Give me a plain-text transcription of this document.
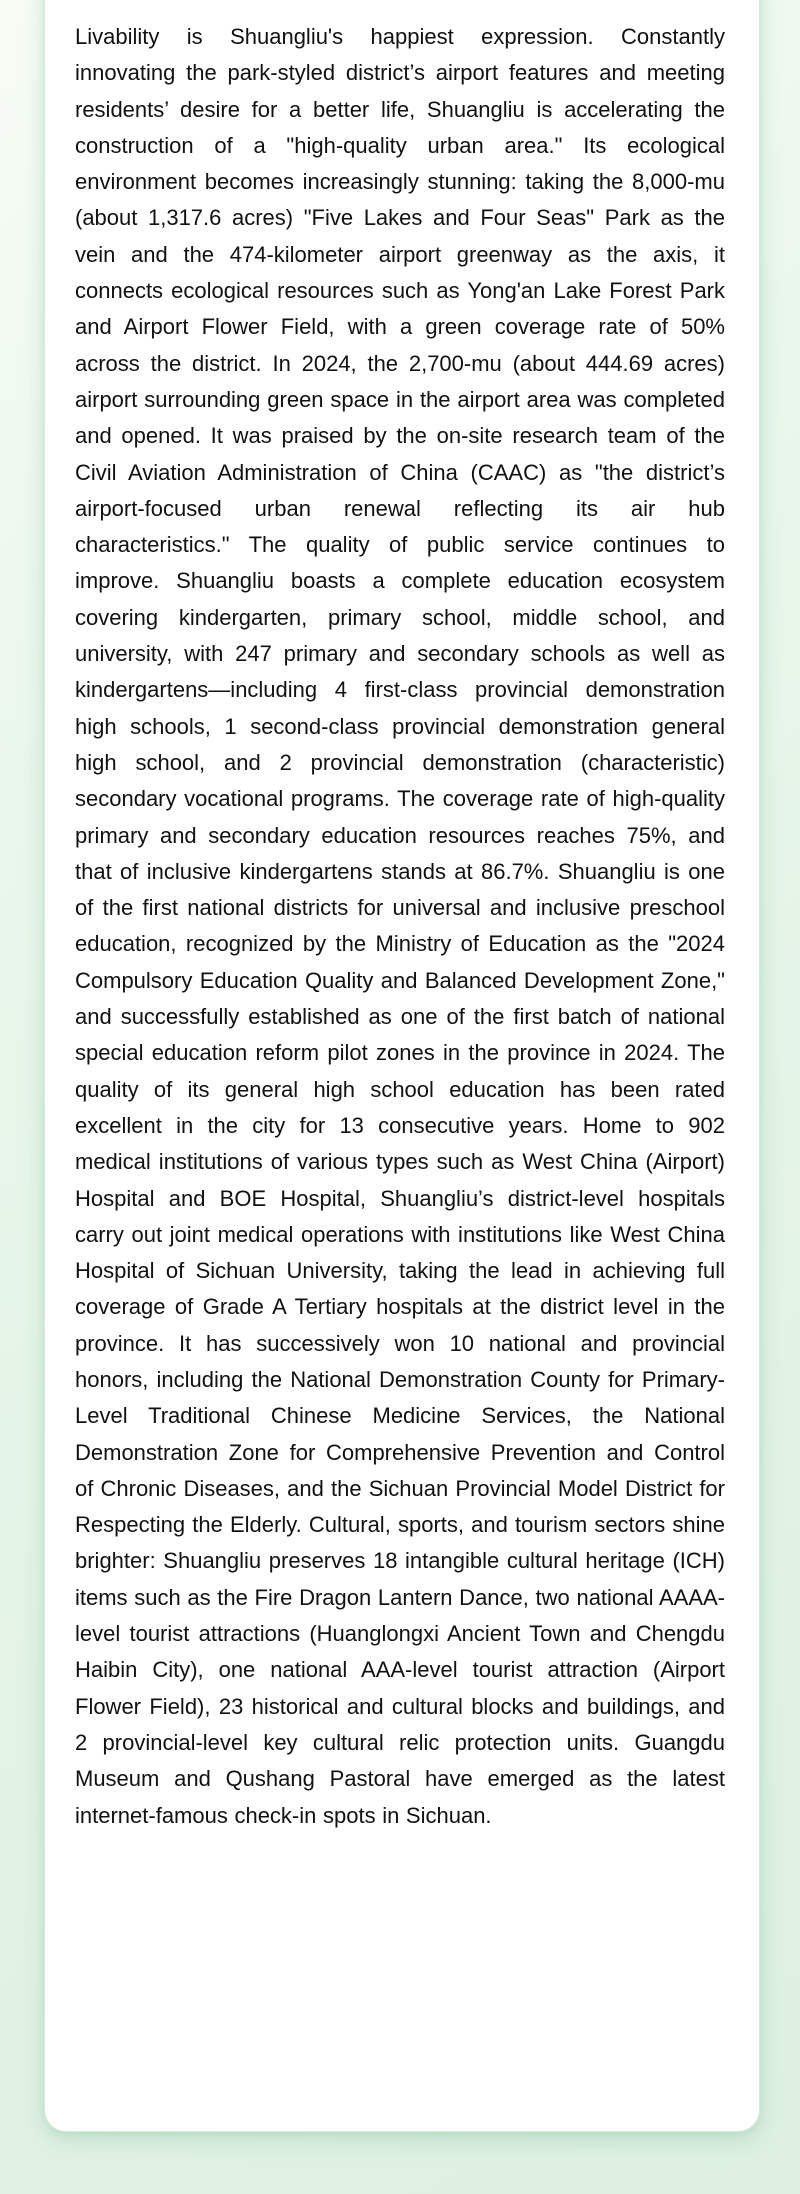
Livability is Shuangliu's happiest expression. Constantly innovating the park-styled district’s airport features and meeting residents’ desire for a better life, Shuangliu is accelerating the construction of a "high-quality urban area." Its ecological environment becomes increasingly stunning: taking the 8,000-mu (about 1,317.6 acres) "Five Lakes and Four Seas" Park as the vein and the 474-kilometer airport greenway as the axis, it connects ecological resources such as Yong'an Lake Forest Park and Airport Flower Field, with a green coverage rate of 50% across the district. In 2024, the 2,700-mu (about 444.69 acres) airport surrounding green space in the airport area was completed and opened. It was praised by the on-site research team of the Civil Aviation Administration of China (CAAC) as "the district’s airport-focused urban renewal reflecting its air hub characteristics." The quality of public service continues to improve. Shuangliu boasts a complete education ecosystem covering kindergarten, primary school, middle school, and university, with 247 primary and secondary schools as well as kindergartens—including 4 first-class provincial demonstration high schools, 1 second-class provincial demonstration general high school, and 2 provincial demonstration (characteristic) secondary vocational programs. The coverage rate of high-quality primary and secondary education resources reaches 75%, and that of inclusive kindergartens stands at 86.7%. Shuangliu is one of the first national districts for universal and inclusive preschool education, recognized by the Ministry of Education as the "2024 Compulsory Education Quality and Balanced Development Zone," and successfully established as one of the first batch of national special education reform pilot zones in the province in 2024. The quality of its general high school education has been rated excellent in the city for 13 consecutive years. Home to 902 medical institutions of various types such as West China (Airport) Hospital and BOE Hospital, Shuangliu’s district-level hospitals carry out joint medical operations with institutions like West China Hospital of Sichuan University, taking the lead in achieving full coverage of Grade A Tertiary hospitals at the district level in the province. It has successively won 10 national and provincial honors, including the National Demonstration County for Primary-Level Traditional Chinese Medicine Services, the National Demonstration Zone for Comprehensive Prevention and Control of Chronic Diseases, and the Sichuan Provincial Model District for Respecting the Elderly. Cultural, sports, and tourism sectors shine brighter: Shuangliu preserves 18 intangible cultural heritage (ICH) items such as the Fire Dragon Lantern Dance, two national AAAA-level tourist attractions (Huanglongxi Ancient Town and Chengdu Haibin City), one national AAA-level tourist attraction (Airport Flower Field), 23 historical and cultural blocks and buildings, and 2 provincial-level key cultural relic protection units. Guangdu Museum and Qushang Pastoral have emerged as the latest internet-famous check-in spots in Sichuan.
